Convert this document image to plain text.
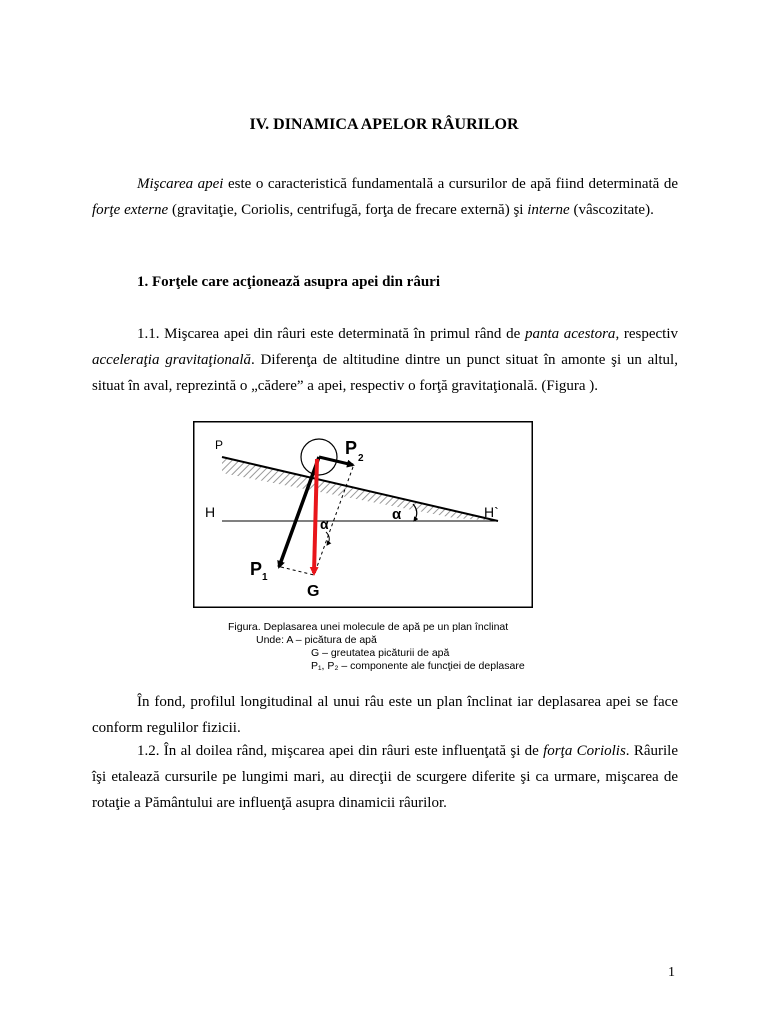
IV. DINAMICA APELOR RÂURILOR

Mişcarea apei este o caracteristică fundamentală a cursurilor de apă fiind determinată de forţe externe (gravitaţie, Coriolis, centrifugă, forţa de frecare externă) şi interne (vâscozitate).

1. Forţele care acţionează asupra apei din râuri

1.1. Mişcarea apei din râuri este determinată în primul rând de panta acestora, respectiv acceleraţia gravitaţională. Diferenţa de altitudine dintre un punct situat în amonte şi un altul, situat în aval, reprezintă o „cădere” a apei, respectiv o forţă gravitaţională. (Figura ).

P	P
2
H	H`
α
α
P 1
G

Figura. Deplasarea unei molecule de apă pe un plan înclinat

Unde: A – picătura de apă

G – greutatea picăturii de apă

P₁, P₂ – componente ale funcţiei de deplasare

În fond, profilul longitudinal al unui râu este un plan înclinat iar deplasarea apei se face conform regulilor fizicii.

1.2. În al doilea rând, mişcarea apei din râuri este influenţată şi de forţa Coriolis. Râurile îşi etalează cursurile pe lungimi mari, au direcţii de scurgere diferite şi ca urmare, mişcarea de rotaţie a Pământului are influenţă asupra dinamicii râurilor.

1
